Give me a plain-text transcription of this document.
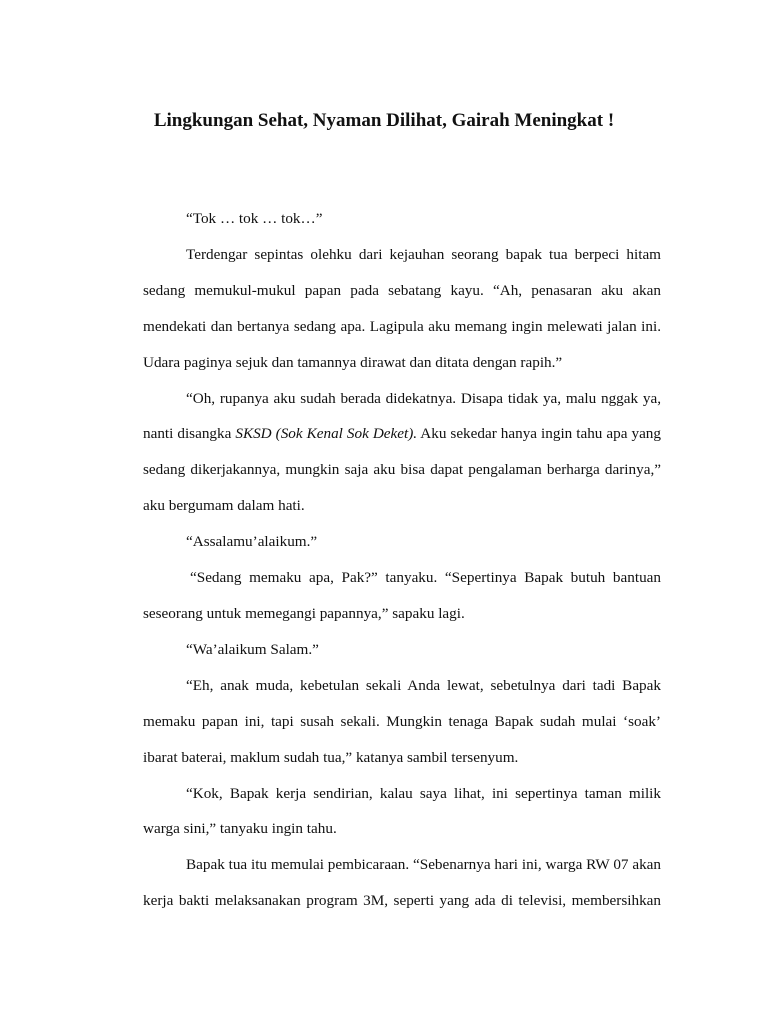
Lingkungan Sehat, Nyaman Dilihat, Gairah Meningkat !

“Tok … tok … tok…”

Terdengar sepintas olehku dari kejauhan seorang bapak tua berpeci hitam sedang memukul-mukul papan pada sebatang kayu. “Ah, penasaran aku akan mendekati dan bertanya sedang apa. Lagipula aku memang ingin melewati jalan ini. Udara paginya sejuk dan tamannya dirawat dan ditata dengan rapih.”

“Oh, rupanya aku sudah berada didekatnya. Disapa tidak ya, malu nggak ya, nanti disangka SKSD (Sok Kenal Sok Deket). Aku sekedar hanya ingin tahu apa yang sedang dikerjakannya, mungkin saja aku bisa dapat pengalaman berharga darinya,” aku bergumam dalam hati.

“Assalamu’alaikum.”

“Sedang memaku apa, Pak?” tanyaku. “Sepertinya Bapak butuh bantuan seseorang untuk memegangi papannya,” sapaku lagi.

“Wa’alaikum Salam.”

“Eh, anak muda, kebetulan sekali Anda lewat, sebetulnya dari tadi Bapak memaku papan ini, tapi susah sekali. Mungkin tenaga Bapak sudah mulai ‘soak’ ibarat baterai, maklum sudah tua,” katanya sambil tersenyum.

“Kok, Bapak kerja sendirian, kalau saya lihat, ini sepertinya taman milik warga sini,” tanyaku ingin tahu.

Bapak tua itu memulai pembicaraan. “Sebenarnya hari ini, warga RW 07 akan kerja bakti melaksanakan program 3M, seperti yang ada di televisi, membersihkan
